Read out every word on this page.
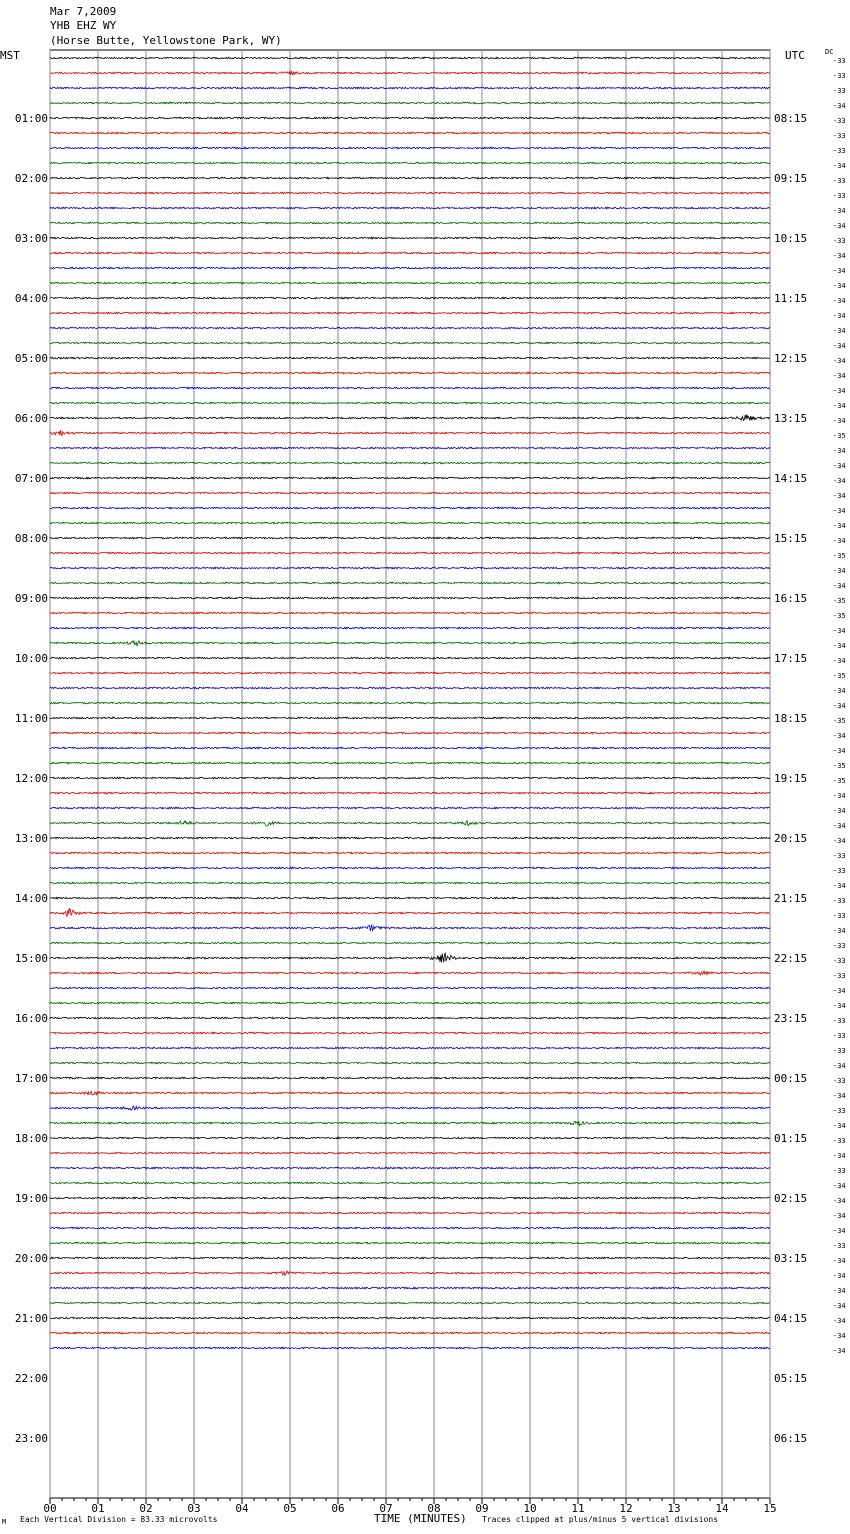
Mar 7,2009
YHB EHZ WY
(Horse Butte, Yellowstone Park, WY)
MST	UTC	DC
00	01	02	03	04	05	06	07	08	09	10	11	12	13	14	15
-33
-33
-33
-34
-33
-33
-33
-34
-33
-33
-34
-34
-33
-34
-34
-34
-34
-34
-34
-34
-34
-34
-34
-34
-34
-35
-34
-34
-34
-34
-34
-34
-34
-35
-34
-34
-35
-35
-34
-34
-34
-35
-34
-34
-35
-34
-34
-35
-35
-34
-34
-34
-34
-33
-33
-34
-33
-33
-34
-33
-33
-33
-34
-34
-33
-33
-33
-34
-33
-34
-33
-34
-33
-34
-33
-34
-34
-34
-34
-33
-34
-34
-34
-34
-34
-34
-34
01:00
02:00
03:00
04:00
05:00
06:00
07:00
08:00
09:00
10:00
11:00
12:00
13:00
14:00
15:00
16:00
17:00
18:00
19:00
20:00
21:00
22:00
23:00
08:15
09:15
10:15
11:15
12:15
13:15
14:15
15:15
16:15
17:15
18:15
19:15
20:15
21:15
22:15
23:15
00:15
01:15
02:15
03:15
04:15
05:15
06:15
TIME (MINUTES)
M Each Vertical Division = 83.33 microvolts	Traces clipped at plus/minus 5 vertical divisions
